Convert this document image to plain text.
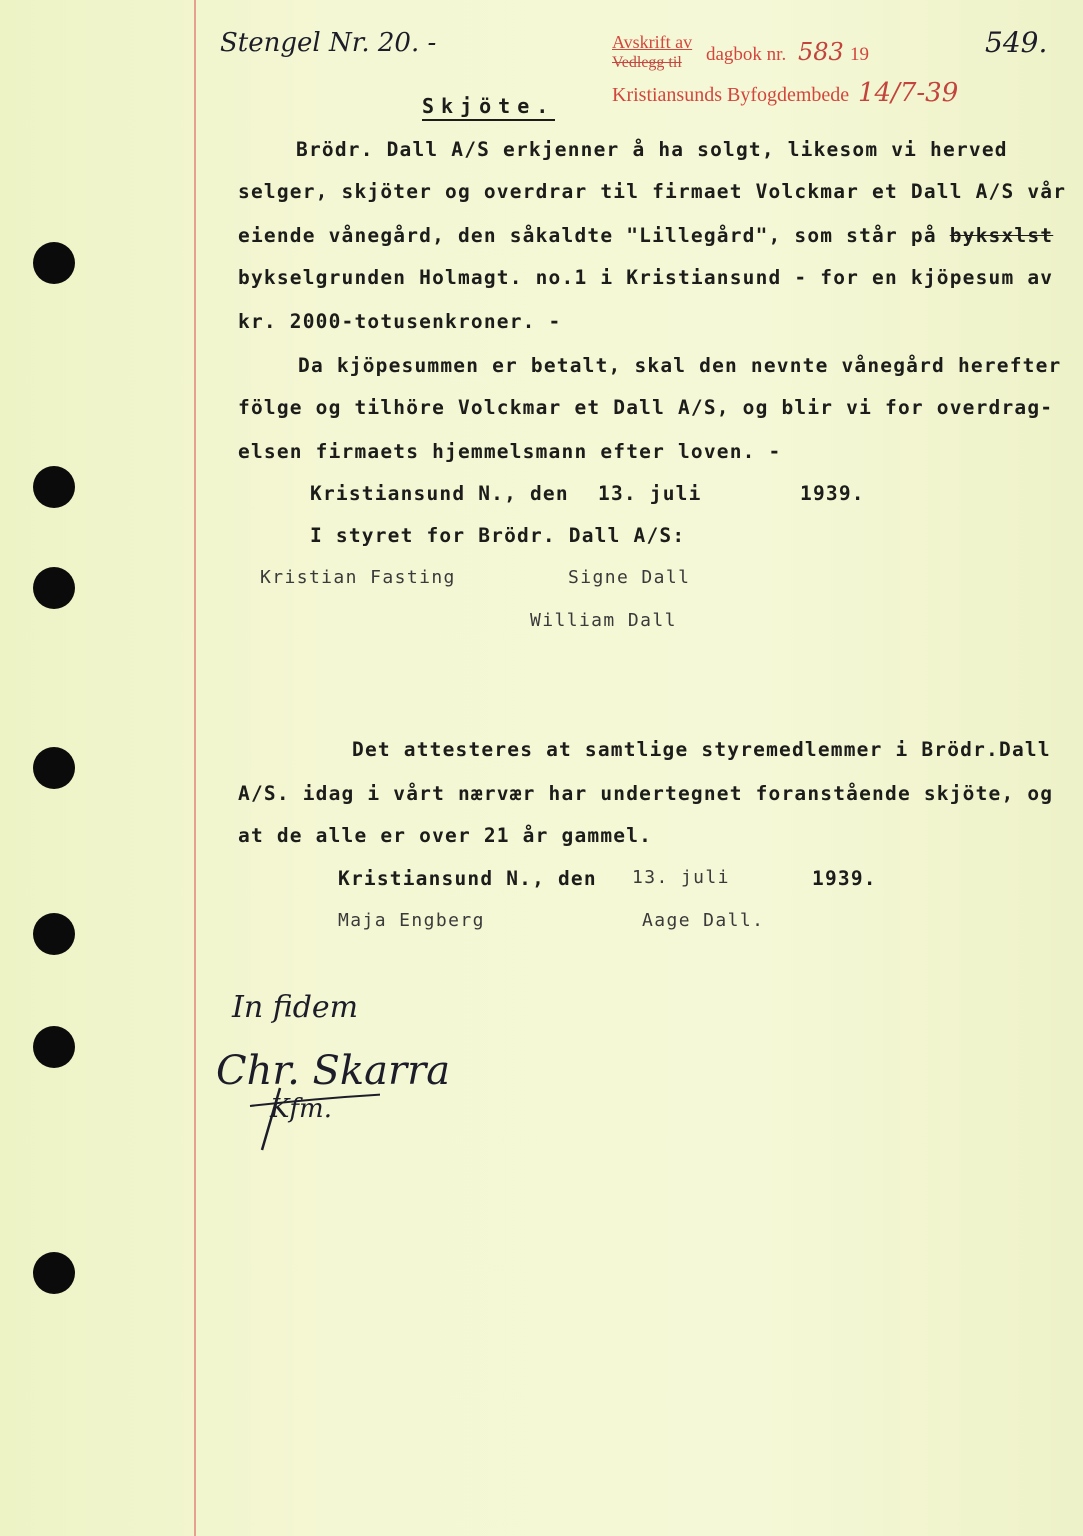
Stengel Nr. 20. -	Avskrift av
Vedlegg til dagbok nr. 583 19
Kristiansunds Byfogdembede 14/7-39
549.
Skjöte.
Brödr. Dall A/S erkjenner å ha solgt, likesom vi herved
selger, skjöter og overdrar til firmaet Volckmar et Dall A/S vår
eiende vånegård, den såkaldte "Lillegård", som står på byksxlst
bykselgrunden Holmagt. no.1 i Kristiansund - for en kjöpesum av
kr. 2000-totusenkroner. -
Da kjöpesummen er betalt, skal den nevnte vånegård herefter
fölge og tilhöre Volckmar et Dall A/S, og blir vi for overdrag-
elsen firmaets hjemmelsmann efter loven. -
Kristiansund N., den 13. juli	1939.
I styret for Brödr. Dall A/S:
Kristian Fasting	Signe Dall
William Dall
Det attesteres at samtlige styremedlemmer i Brödr.Dall
A/S. idag i vårt nærvær har undertegnet foranstående skjöte, og
at de alle er over 21 år gammel.
Kristiansund N., den 13. juli	1939.
Maja Engberg	Aage Dall.
In fidem
Chr. Skarra
Kfm.
